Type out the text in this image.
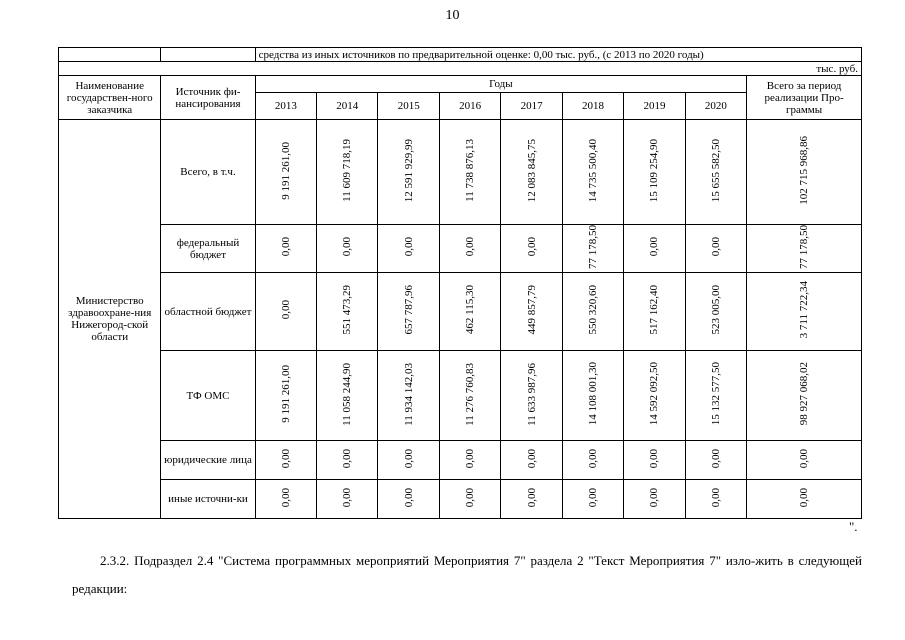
10
		средства из иных источников по предварительной оценке: 0,00 тыс. руб., (с 2013 по 2020 годы)								
тыс. руб.										
Наименование государствен-ного заказчика	Источник фи-нансирования	Годы								Всего за период реализации Про-граммы
		2013	2014	2015	2016	2017	2018	2019	2020	
Министерство здравоохране-ния Нижегород-ской области	Всего, в т.ч.	9 191 261,00	11 609 718,19	12 591 929,99	11 738 876,13	12 083 845,75	14 735 500,40	15 109 254,90	15 655 582,50	102 715 968,86
	федеральный бюджет	0,00	0,00	0,00	0,00	0,00	77 178,50	0,00	0,00	77 178,50
	областной бюджет	0,00	551 473,29	657 787,96	462 115,30	449 857,79	550 320,60	517 162,40	523 005,00	3 711 722,34
	ТФ ОМС	9 191 261,00	11 058 244,90	11 934 142,03	11 276 760,83	11 633 987,96	14 108 001,30	14 592 092,50	15 132 577,50	98 927 068,02
	юридические лица	0,00	0,00	0,00	0,00	0,00	0,00	0,00	0,00	0,00
	иные источни-ки	0,00	0,00	0,00	0,00	0,00	0,00	0,00	0,00	0,00
".
2.3.2. Подраздел 2.4 "Система программных мероприятий Мероприятия 7" раздела 2 "Текст Мероприятия 7" изло-жить в следующей редакции:
